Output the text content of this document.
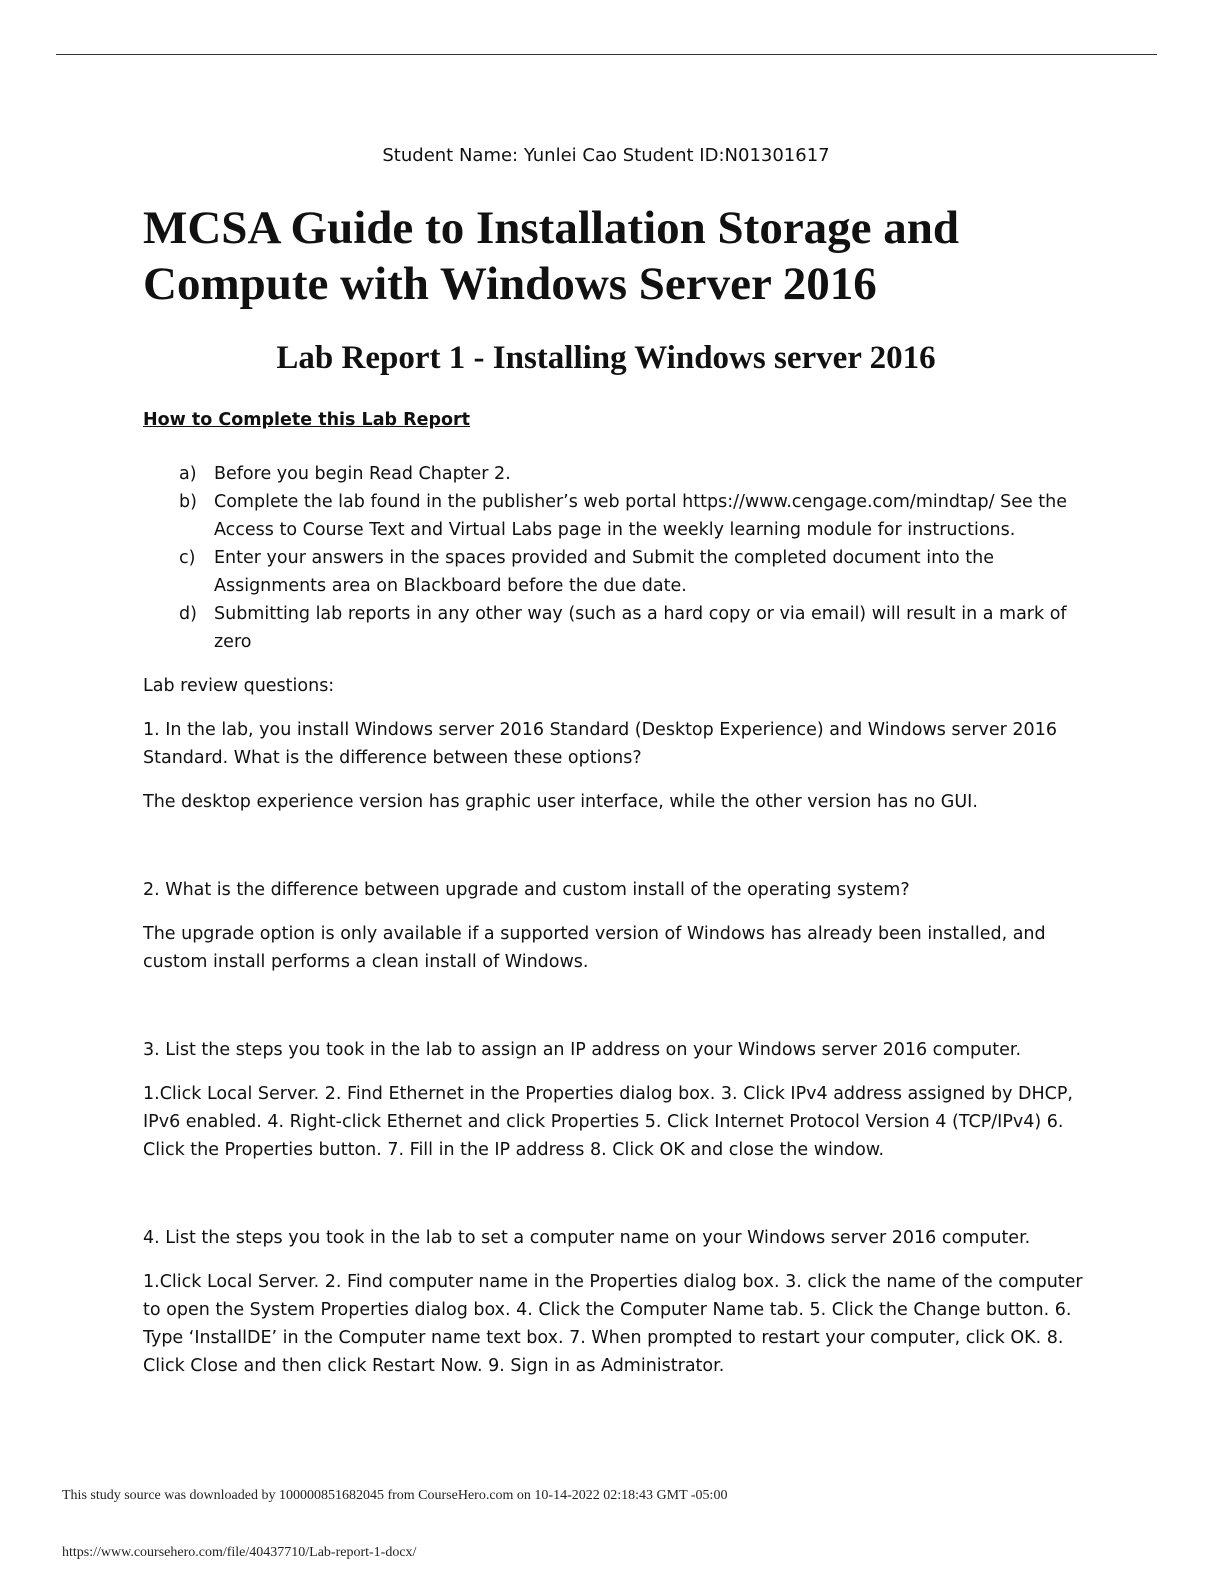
Student Name: Yunlei Cao Student ID:N01301617
MCSA Guide to Installation Storage and Compute with Windows Server 2016
Lab Report 1 - Installing Windows server 2016

How to Complete this Lab Report

a) Before you begin Read Chapter 2.
b) Complete the lab found in the publisher’s web portal https://www.cengage.com/mindtap/ See the Access to Course Text and Virtual Labs page in the weekly learning module for instructions.
c) Enter your answers in the spaces provided and Submit the completed document into the Assignments area on Blackboard before the due date.
d) Submitting lab reports in any other way (such as a hard copy or via email) will result in a mark of zero

Lab review questions:

1. In the lab, you install Windows server 2016 Standard (Desktop Experience) and Windows server 2016 Standard. What is the difference between these options?

The desktop experience version has graphic user interface, while the other version has no GUI.

2. What is the difference between upgrade and custom install of the operating system?

The upgrade option is only available if a supported version of Windows has already been installed, and custom install performs a clean install of Windows.

3. List the steps you took in the lab to assign an IP address on your Windows server 2016 computer.

1.Click Local Server. 2. Find Ethernet in the Properties dialog box. 3. Click IPv4 address assigned by DHCP, IPv6 enabled. 4. Right-click Ethernet and click Properties 5. Click Internet Protocol Version 4 (TCP/IPv4) 6. Click the Properties button. 7. Fill in the IP address 8. Click OK and close the window.

4. List the steps you took in the lab to set a computer name on your Windows server 2016 computer.

1.Click Local Server. 2. Find computer name in the Properties dialog box. 3. click the name of the computer to open the System Properties dialog box. 4. Click the Computer Name tab. 5. Click the Change button. 6. Type ‘InstallDE’ in the Computer name text box. 7. When prompted to restart your computer, click OK. 8. Click Close and then click Restart Now. 9. Sign in as Administrator.

This study source was downloaded by 100000851682045 from CourseHero.com on 10-14-2022 02:18:43 GMT -05:00
https://www.coursehero.com/file/40437710/Lab-report-1-docx/
